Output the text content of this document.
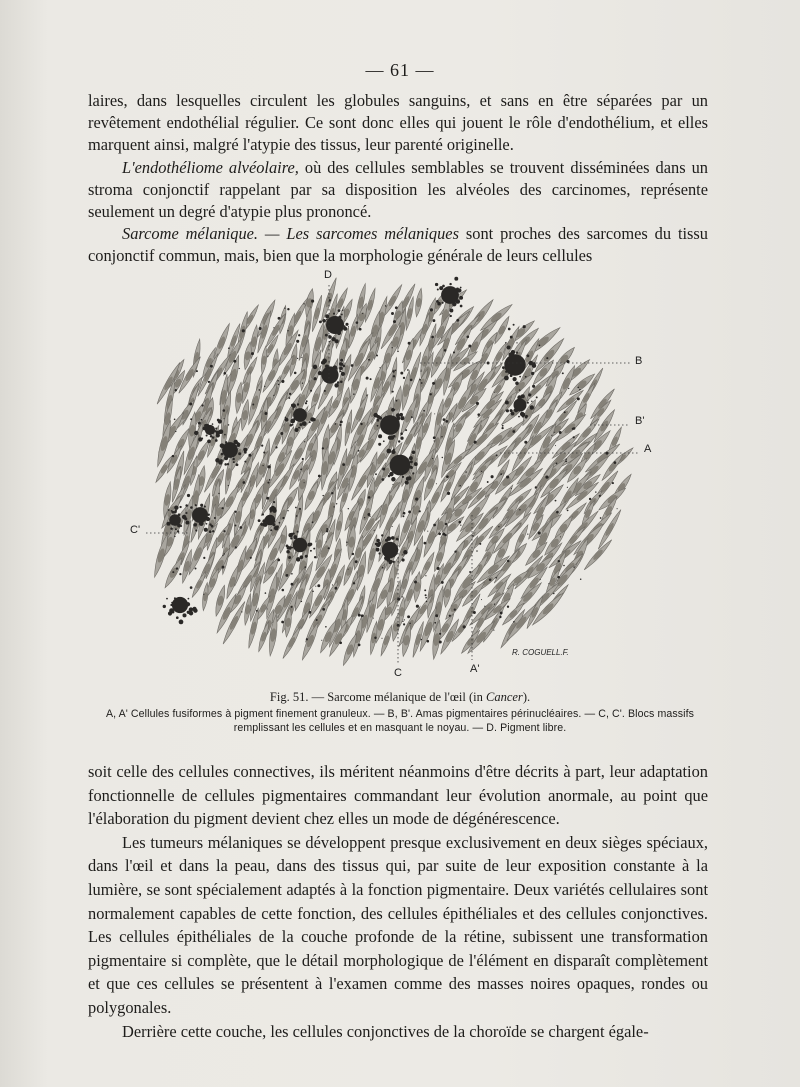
— 61 —

laires, dans lesquelles circulent les globules sanguins, et sans en être séparées par un revêtement endothélial régulier. Ce sont donc elles qui jouent le rôle d'endothélium, et elles marquent ainsi, malgré l'atypie des tissus, leur parenté originelle.

L'endothéliome alvéolaire, où des cellules semblables se trouvent disséminées dans un stroma conjonctif rappelant par sa disposition les alvéoles des carcinomes, représente seulement un degré d'atypie plus prononcé.

Sarcome mélanique. — Les sarcomes mélaniques sont proches des sarcomes du tissu conjonctif commun, mais, bien que la morphologie générale de leurs cellules

D
B
B'
A
C'
C	A'
R. COGUELL.F.
Fig. 51. — Sarcome mélanique de l'œil (in Cancer).
A, A' Cellules fusiformes à pigment finement granuleux. — B, B'. Amas pigmentaires périnucléaires. — C, C'. Blocs massifs remplissant les cellules et en masquant le noyau. — D. Pigment libre.

soit celle des cellules connectives, ils méritent néanmoins d'être décrits à part, leur adaptation fonctionnelle de cellules pigmentaires commandant leur évolution anormale, au point que l'élaboration du pigment devient chez elles un mode de dégénérescence.

Les tumeurs mélaniques se développent presque exclusivement en deux sièges spéciaux, dans l'œil et dans la peau, dans des tissus qui, par suite de leur exposition constante à la lumière, se sont spécialement adaptés à la fonction pigmentaire. Deux variétés cellulaires sont normalement capables de cette fonction, des cellules épithéliales et des cellules conjonctives. Les cellules épithéliales de la couche profonde de la rétine, subissent une transformation pigmentaire si complète, que le détail morphologique de l'élément en disparaît complètement et que ces cellules se présentent à l'examen comme des masses noires opaques, rondes ou polygonales.

Derrière cette couche, les cellules conjonctives de la choroïde se chargent égale-
